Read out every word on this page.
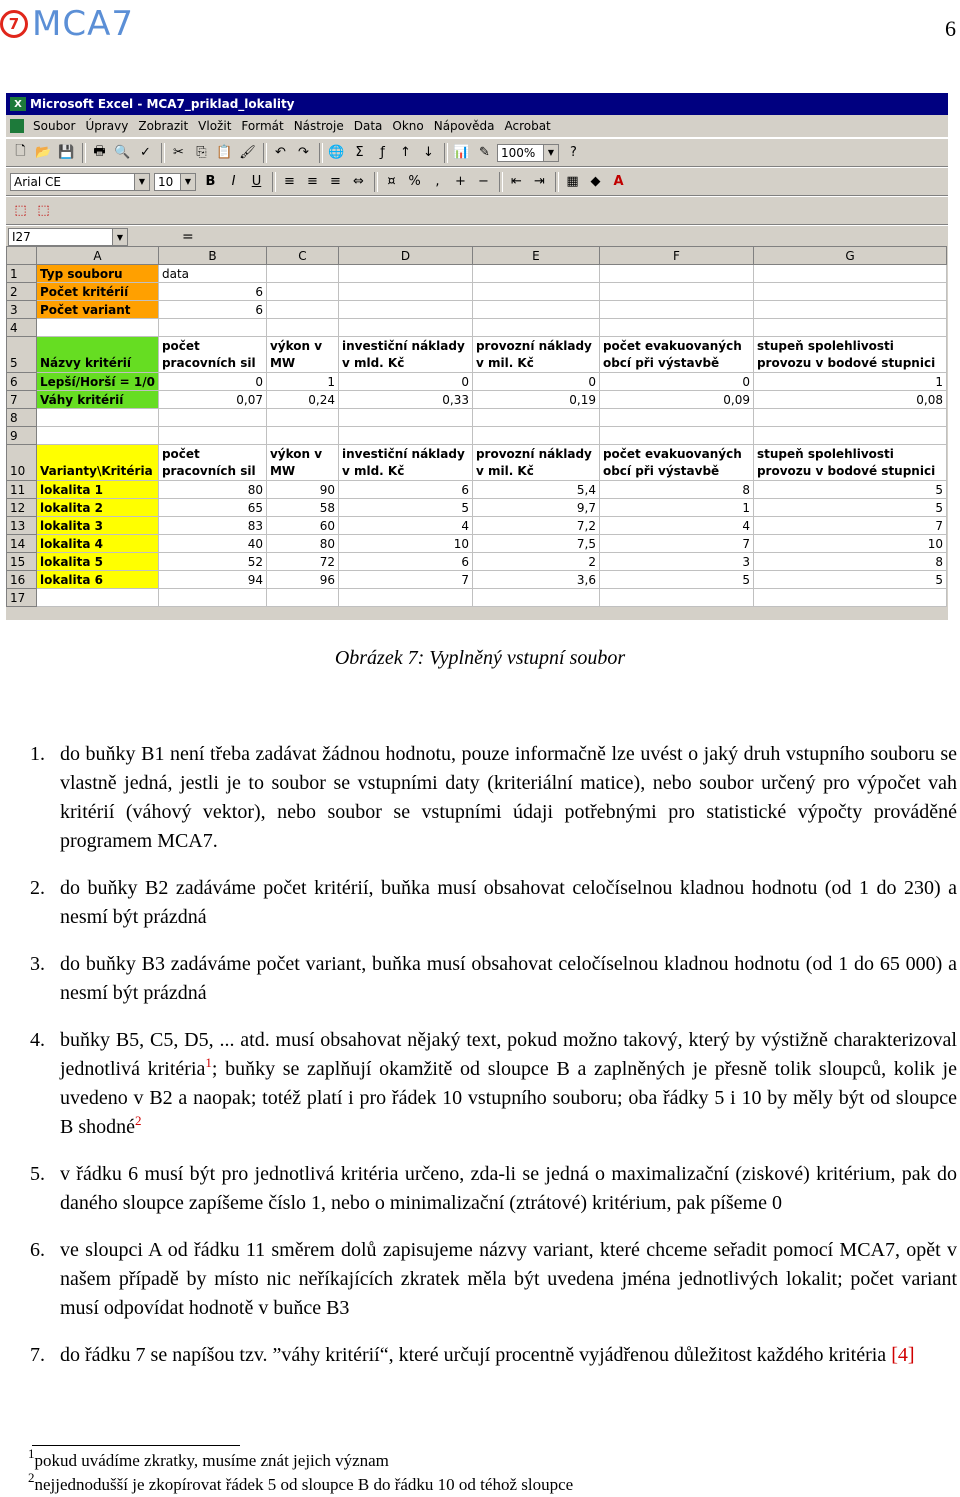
7 MCA7	6
X Microsoft Excel - MCA7_priklad_lokality
Soubor Úpravy Zobrazit Vložit Formát Nástroje Data Okno Nápověda Acrobat
🗋 📂 💾	🖶 🔍 ✓	✂ ⎘ 📋 🖌	↶ ↷	🌐 Σ	ƒ	↑ ↓	📊 ✎ 100%	▼	?
Arial CE	▼	10	▼	B	I	U	≡ ≡ ≡ ⇔	¤ %	,	+ −	⇤ ⇥	▦ ◆ A
⬚ ⬚
I27	▼	=
	A	B	C	D	E	F	G
1	Typ souboru	data					
2	Počet kritérií	6					
3	Počet variant	6					
4							
5	Názvy kritérií	počet pracovních sil	výkon v MW	investiční náklady v mld. Kč	provozní náklady v mil. Kč	počet evakuovaných obcí při výstavbě	stupeň spolehlivosti provozu v bodové stupnici
6	Lepší/Horší = 1/0	0	1	0	0	0	1
7	Váhy kritérií	0,07	0,24	0,33	0,19	0,09	0,08
8							
9							
10	Varianty\Kritéria	počet pracovních sil	výkon v MW	investiční náklady v mld. Kč	provozní náklady v mil. Kč	počet evakuovaných obcí při výstavbě	stupeň spolehlivosti provozu v bodové stupnici
11	lokalita 1	80	90	6	5,4	8	5
12	lokalita 2	65	58	5	9,7	1	5
13	lokalita 3	83	60	4	7,2	4	7
14	lokalita 4	40	80	10	7,5	7	10
15	lokalita 5	52	72	6	2	3	8
16	lokalita 6	94	96	7	3,6	5	5
17							
Obrázek 7: Vyplněný vstupní soubor
1. do buňky B1 není třeba zadávat žádnou hodnotu, pouze informačně lze uvést o jaký druh vstupního souboru se vlastně jedná, jestli je to soubor se vstupními daty (kriteriální matice), nebo soubor určený pro výpočet vah kritérií (váhový vektor), nebo soubor se vstupními údaji potřebnými pro statistické výpočty prováděné programem MCA7.
2. do buňky B2 zadáváme počet kritérií, buňka musí obsahovat celočíselnou kladnou hodnotu (od 1 do 230) a nesmí být prázdná
3. do buňky B3 zadáváme počet variant, buňka musí obsahovat celočíselnou kladnou hodnotu (od 1 do 65 000) a nesmí být prázdná
4. buňky B5, C5, D5, ... atd. musí obsahovat nějaký text, pokud možno takový, který by výstižně charakterizoval jednotlivá kritéria$^1$; buňky se zaplňují okamžitě od sloupce B a zaplněných je přesně tolik sloupců, kolik je uvedeno v B2 a naopak; totéž platí i pro řádek 10 vstupního souboru; oba řádky 5 i 10 by měly být od sloupce B shodné$^2$
5. v řádku 6 musí být pro jednotlivá kritéria určeno, zda-li se jedná o maximalizační (ziskové) kritérium, pak do daného sloupce zapíšeme číslo 1, nebo o minimalizační (ztrátové) kritérium, pak píšeme 0
6. ve sloupci A od řádku 11 směrem dolů zapisujeme názvy variant, které chceme seřadit pomocí MCA7, opět v našem případě by místo nic neříkajících zkratek měla být uvedena jména jednotlivých lokalit; počet variant musí odpovídat hodnotě v buňce B3
7. do řádku 7 se napíšou tzv. ”váhy kritérií“, které určují procentně vyjádřenou důležitost každého kritéria [4]
$^1$pokud uvádíme zkratky, musíme znát jejich význam
$^2$nejjednodušší je zkopírovat řádek 5 od sloupce B do řádku 10 od téhož sloupce
